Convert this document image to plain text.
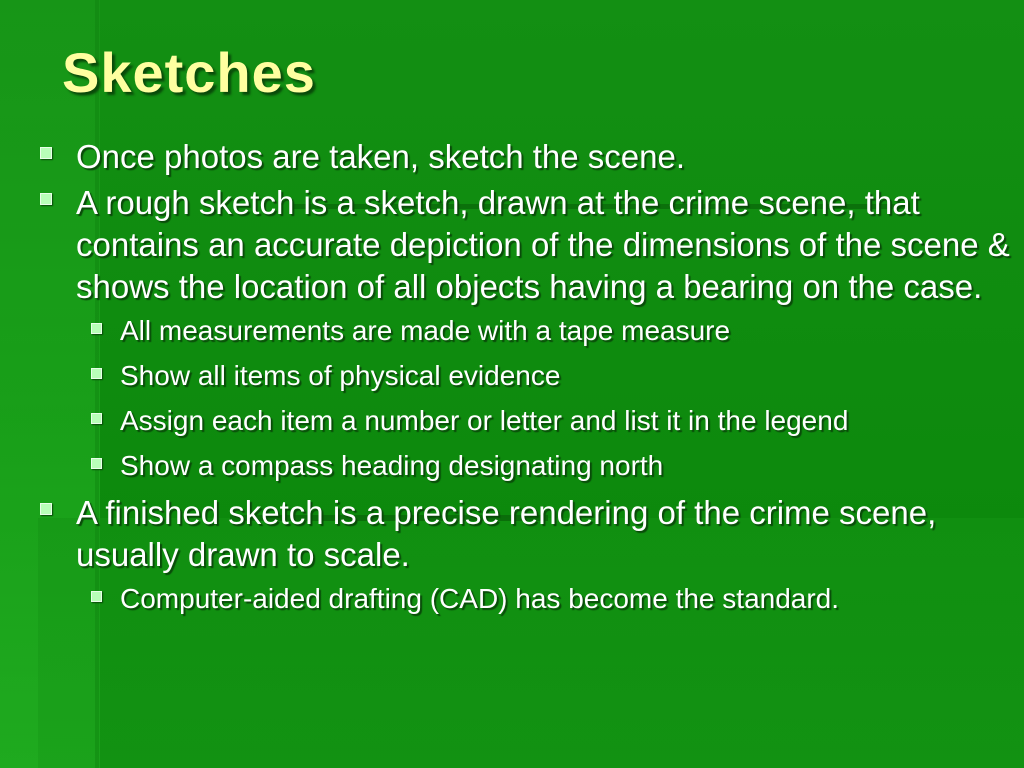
Sketches
Once photos are taken, sketch the scene.
A rough sketch is a sketch, drawn at the crime scene, that contains an accurate depiction of the dimensions of the scene & shows the location of all objects having a bearing on the case.
All measurements are made with a tape measure
Show all items of physical evidence
Assign each item a number or letter and list it in the legend
Show a compass heading designating north
A finished sketch is a precise rendering of the crime scene, usually drawn to scale.
Computer-aided drafting (CAD) has become the standard.
